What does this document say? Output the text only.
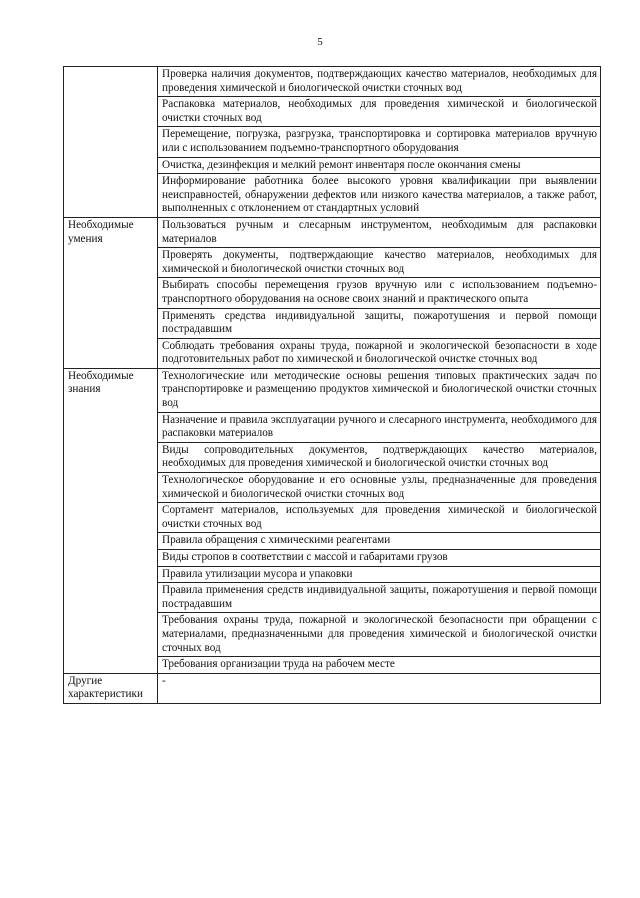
5
	Проверка наличия документов, подтверждающих качество материалов, необходимых для проведения химической и биологической очистки сточных вод
	Распаковка материалов, необходимых для проведения химической и биологической очистки сточных вод
	Перемещение, погрузка, разгрузка, транспортировка и сортировка материалов вручную или с использованием подъемно-транспортного оборудования
	Очистка, дезинфекция и мелкий ремонт инвентаря после окончания смены
	Информирование работника более высокого уровня квалификации при выявлении неисправностей, обнаружении дефектов или низкого качества материалов, а также работ, выполненных с отклонением от стандартных условий
Необходимые умения	Пользоваться ручным и слесарным инструментом, необходимым для распаковки материалов
	Проверять документы, подтверждающие качество материалов, необходимых для химической и биологической очистки сточных вод
	Выбирать способы перемещения грузов вручную или с использованием подъемно-транспортного оборудования на основе своих знаний и практического опыта
	Применять средства индивидуальной защиты, пожаротушения и первой помощи пострадавшим
	Соблюдать требования охраны труда, пожарной и экологической безопасности в ходе подготовительных работ по химической и биологической очистке сточных вод
Необходимые знания	Технологические или методические основы решения типовых практических задач по транспортировке и размещению продуктов химической и биологической очистки сточных вод
	Назначение и правила эксплуатации ручного и слесарного инструмента, необходимого для распаковки материалов
	Виды сопроводительных документов, подтверждающих качество материалов, необходимых для проведения химической и биологической очистки сточных вод
	Технологическое оборудование и его основные узлы, предназначенные для проведения химической и биологической очистки сточных вод
	Сортамент материалов, используемых для проведения химической и биологической очистки сточных вод
	Правила обращения с химическими реагентами
	Виды стропов в соответствии с массой и габаритами грузов
	Правила утилизации мусора и упаковки
	Правила применения средств индивидуальной защиты, пожаротушения и первой помощи пострадавшим
	Требования охраны труда, пожарной и экологической безопасности при обращении с материалами, предназначенными для проведения химической и биологической очистки сточных вод
	Требования организации труда на рабочем месте
Другие характеристики	-
